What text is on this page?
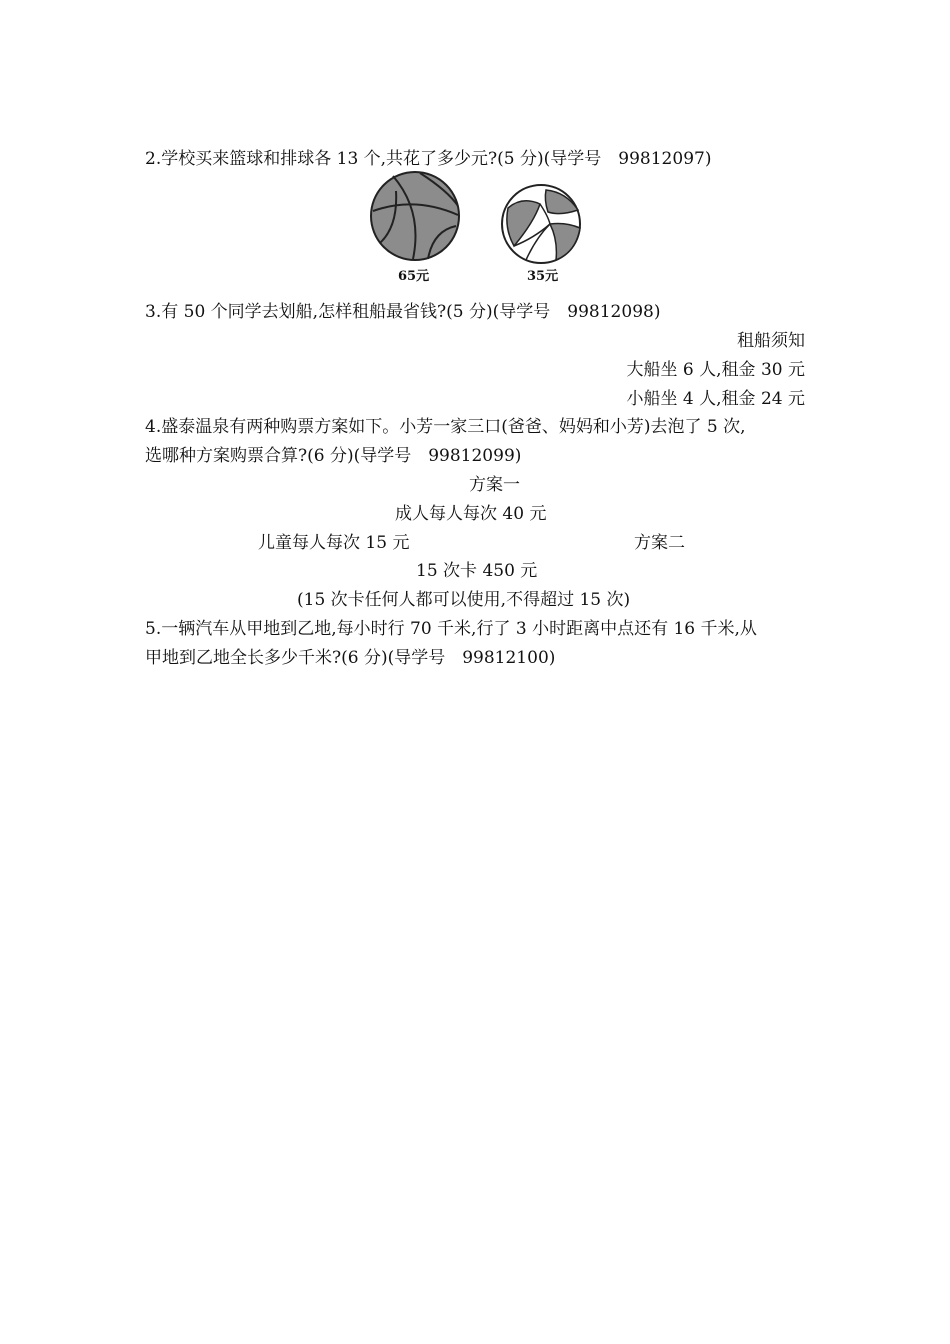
2.学校买来篮球和排球各 13 个,共花了多少元?(5 分)(导学号　99812097)
65元	35元
3.有 50 个同学去划船,怎样租船最省钱?(5 分)(导学号　99812098)
租船须知
大船坐 6 人,租金 30 元
小船坐 4 人,租金 24 元
4.盛泰温泉有两种购票方案如下。小芳一家三口(爸爸、妈妈和小芳)去泡了 5 次,
选哪种方案购票合算?(6 分)(导学号　99812099)
方案一
成人每人每次 40 元
儿童每人每次 15 元	方案二
15 次卡 450 元
(15 次卡任何人都可以使用,不得超过 15 次)
5.一辆汽车从甲地到乙地,每小时行 70 千米,行了 3 小时距离中点还有 16 千米,从
甲地到乙地全长多少千米?(6 分)(导学号　99812100)
